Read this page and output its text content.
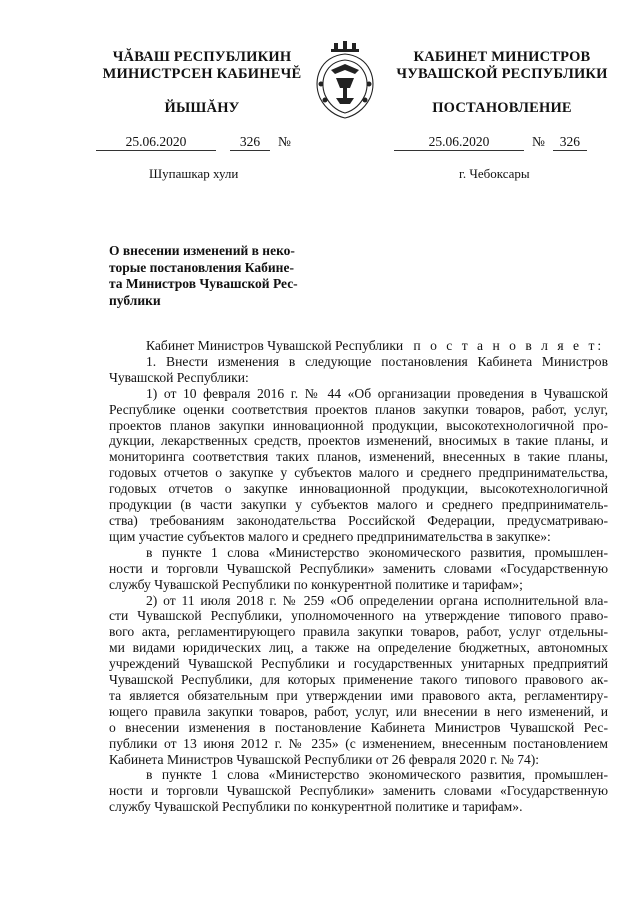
ЧĂВАШ РЕСПУБЛИКИН
МИНИСТРСЕН КАБИНЕЧĔ
ЙЫШĂНУ
КАБИНЕТ МИНИСТРОВ
ЧУВАШСКОЙ РЕСПУБЛИКИ
ПОСТАНОВЛЕНИЕ
25.06.2020	326 №	25.06.2020	№ 326
Шупашкар хули	г. Чебоксары
О внесении изменений в неко-
торые постановления Кабине-
та Министров Чувашской Рес-
публики
Кабинет Министров Чувашской Республики п о с т а н о в л я е т:
1. Внести изменения в следующие постановления Кабинета Министров
Чувашской Республики:
1) от 10 февраля 2016 г. № 44 «Об организации проведения в Чувашской
Республике оценки соответствия проектов планов закупки товаров, работ, услуг,
проектов планов закупки инновационной продукции, высокотехнологичной про-
дукции, лекарственных средств, проектов изменений, вносимых в такие планы, и
мониторинга соответствия таких планов, изменений, внесенных в такие планы,
годовых отчетов о закупке у субъектов малого и среднего предпринимательства,
годовых отчетов о закупке инновационной продукции, высокотехнологичной
продукции (в части закупки у субъектов малого и среднего предприниматель-
ства) требованиям законодательства Российской Федерации, предусматриваю-
щим участие субъектов малого и среднего предпринимательства в закупке»:
в пункте 1 слова «Министерство экономического развития, промышлен-
ности и торговли Чувашской Республики» заменить словами «Государственную
службу Чувашской Республики по конкурентной политике и тарифам»;
2) от 11 июля 2018 г. № 259 «Об определении органа исполнительной вла-
сти Чувашской Республики, уполномоченного на утверждение типового право-
вого акта, регламентирующего правила закупки товаров, работ, услуг отдельны-
ми видами юридических лиц, а также на определение бюджетных, автономных
учреждений Чувашской Республики и государственных унитарных предприятий
Чувашской Республики, для которых применение такого типового правового ак-
та является обязательным при утверждении ими правового акта, регламентиру-
ющего правила закупки товаров, работ, услуг, или внесении в него изменений, и
о внесении изменения в постановление Кабинета Министров Чувашской Рес-
публики от 13 июня 2012 г. № 235» (с изменением, внесенным постановлением
Кабинета Министров Чувашской Республики от 26 февраля 2020 г. № 74):
в пункте 1 слова «Министерство экономического развития, промышлен-
ности и торговли Чувашской Республики» заменить словами «Государственную
службу Чувашской Республики по конкурентной политике и тарифам».
